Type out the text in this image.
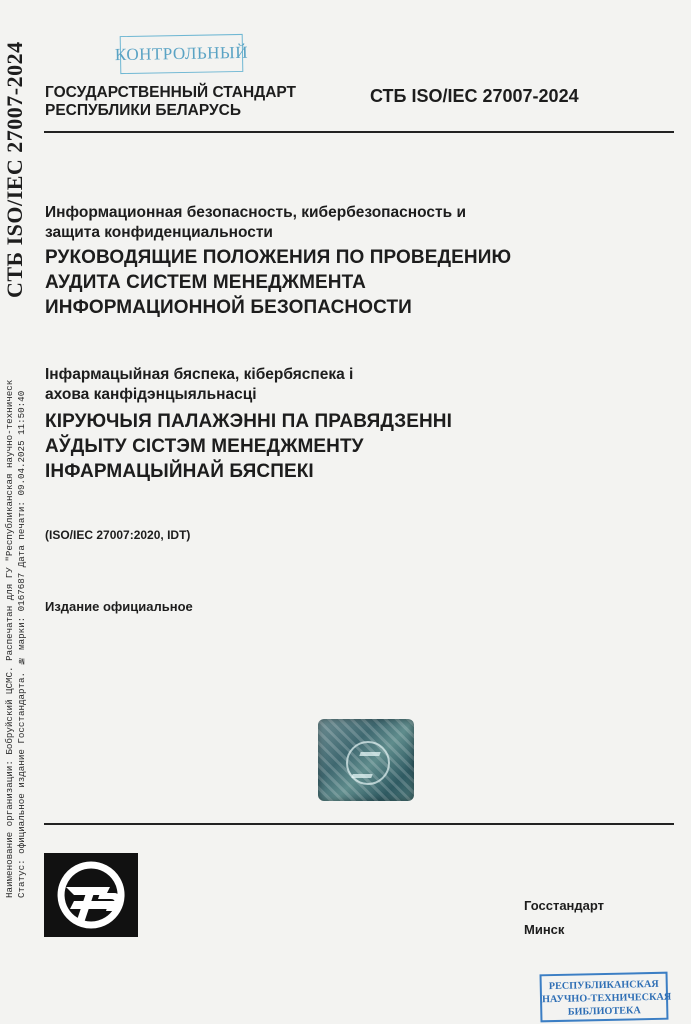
СТБ ISO/IEC 27007-2024
Наименование организации: Бобруйский ЦСМС. Распечатан для ГУ "Республиканская научно-техническ Статус: официальное издание Госстандарта. № марки: 0167687 Дата печати: 09.04.2025 11:50:40
КОНТРОЛЬНЫЙ
ГОСУДАРСТВЕННЫЙ СТАНДАРТ
РЕСПУБЛИКИ БЕЛАРУСЬ
СТБ ISO/IEC 27007-2024
Информационная безопасность, кибербезопасность и
защита конфиденциальности
РУКОВОДЯЩИЕ ПОЛОЖЕНИЯ ПО ПРОВЕДЕНИЮ
АУДИТА СИСТЕМ МЕНЕДЖМЕНТА
ИНФОРМАЦИОННОЙ БЕЗОПАСНОСТИ
Інфармацыйная бяспека, кібербяспека і
ахова канфідэнцыяльнасці
КІРУЮЧЫЯ ПАЛАЖЭННІ ПА ПРАВЯДЗЕННІ
АЎДЫТУ СІСТЭМ МЕНЕДЖМЕНТУ
ІНФАРМАЦЫЙНАЙ БЯСПЕКІ
(ISO/IEC 27007:2020, IDT)
Издание официальное
Госстандарт
Минск
РЕСПУБЛИКАНСКАЯ
НАУЧНО-ТЕХНИЧЕСКАЯ
БИБЛИОТЕКА
